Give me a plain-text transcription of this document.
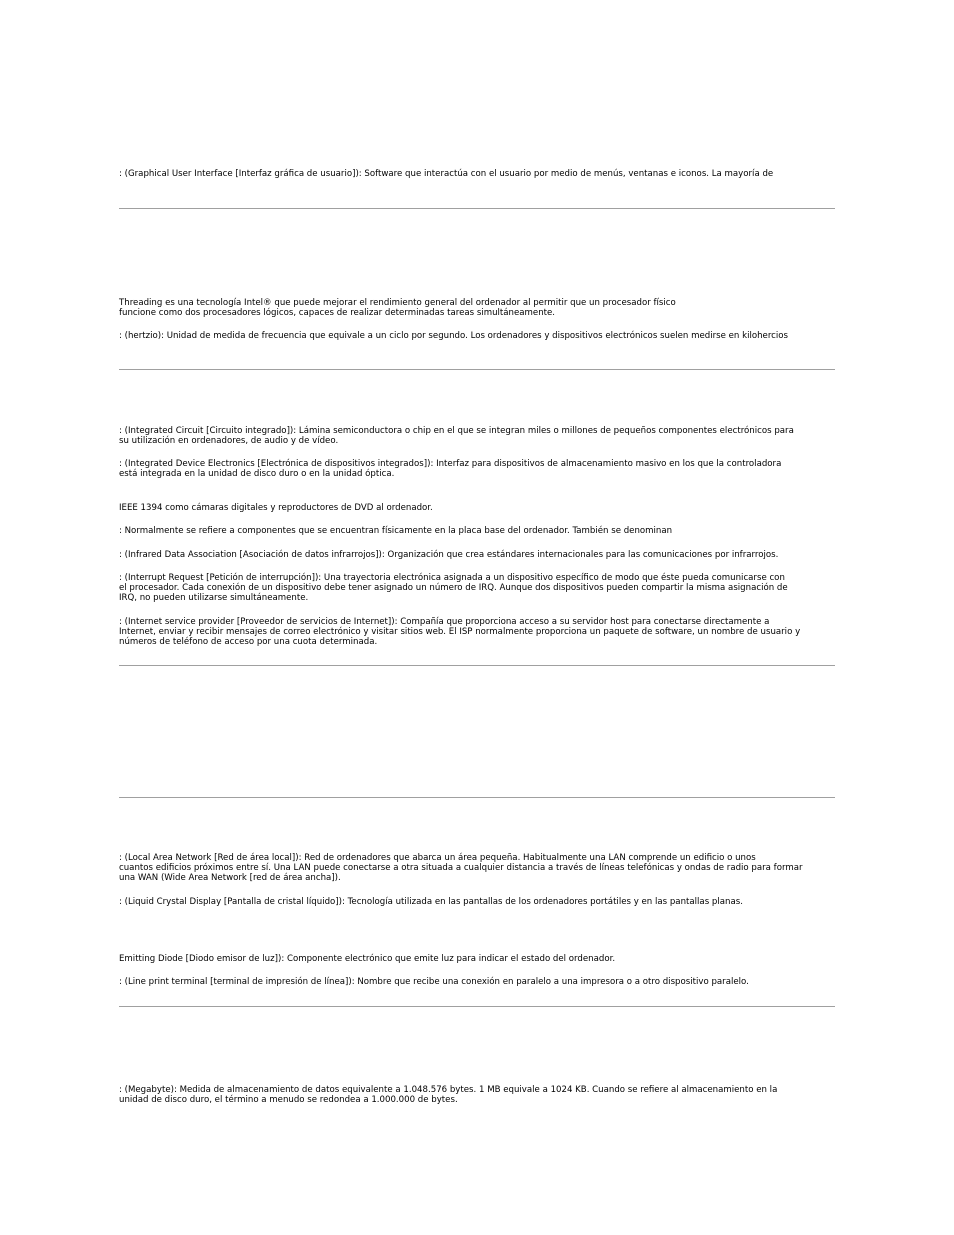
: (Graphical User Interface [Interfaz gráfica de usuario]): Software que interactúa con el usuario por medio de menús, ventanas e iconos. La mayoría de
Threading es una tecnología Intel® que puede mejorar el rendimiento general del ordenador al permitir que un procesador físico
funcione como dos procesadores lógicos, capaces de realizar determinadas tareas simultáneamente.
: (hertzio): Unidad de medida de frecuencia que equivale a un ciclo por segundo. Los ordenadores y dispositivos electrónicos suelen medirse en kilohercios
: (Integrated Circuit [Circuito integrado]): Lámina semiconductora o chip en el que se integran miles o millones de pequeños componentes electrónicos para
su utilización en ordenadores, de audio y de vídeo.
: (Integrated Device Electronics [Electrónica de dispositivos integrados]): Interfaz para dispositivos de almacenamiento masivo en los que la controladora
está integrada en la unidad de disco duro o en la unidad óptica.
IEEE 1394 como cámaras digitales y reproductores de DVD al ordenador.
: Normalmente se refiere a componentes que se encuentran físicamente en la placa base del ordenador. También se denominan
: (Infrared Data Association [Asociación de datos infrarrojos]): Organización que crea estándares internacionales para las comunicaciones por infrarrojos.
: (Interrupt Request [Petición de interrupción]): Una trayectoria electrónica asignada a un dispositivo específico de modo que éste pueda comunicarse con
el procesador. Cada conexión de un dispositivo debe tener asignado un número de IRQ. Aunque dos dispositivos pueden compartir la misma asignación de
IRQ, no pueden utilizarse simultáneamente.
: (Internet service provider [Proveedor de servicios de Internet]): Compañía que proporciona acceso a su servidor host para conectarse directamente a
Internet, enviar y recibir mensajes de correo electrónico y visitar sitios web. El ISP normalmente proporciona un paquete de software, un nombre de usuario y
números de teléfono de acceso por una cuota determinada.
: (Local Area Network [Red de área local]): Red de ordenadores que abarca un área pequeña. Habitualmente una LAN comprende un edificio o unos
cuantos edificios próximos entre sí. Una LAN puede conectarse a otra situada a cualquier distancia a través de líneas telefónicas y ondas de radio para formar
una WAN (Wide Area Network [red de área ancha]).
: (Liquid Crystal Display [Pantalla de cristal líquido]): Tecnología utilizada en las pantallas de los ordenadores portátiles y en las pantallas planas.
Emitting Diode [Diodo emisor de luz]): Componente electrónico que emite luz para indicar el estado del ordenador.
: (Line print terminal [terminal de impresión de línea]): Nombre que recibe una conexión en paralelo a una impresora o a otro dispositivo paralelo.
: (Megabyte): Medida de almacenamiento de datos equivalente a 1.048.576 bytes. 1 MB equivale a 1024 KB. Cuando se refiere al almacenamiento en la
unidad de disco duro, el término a menudo se redondea a 1.000.000 de bytes.
